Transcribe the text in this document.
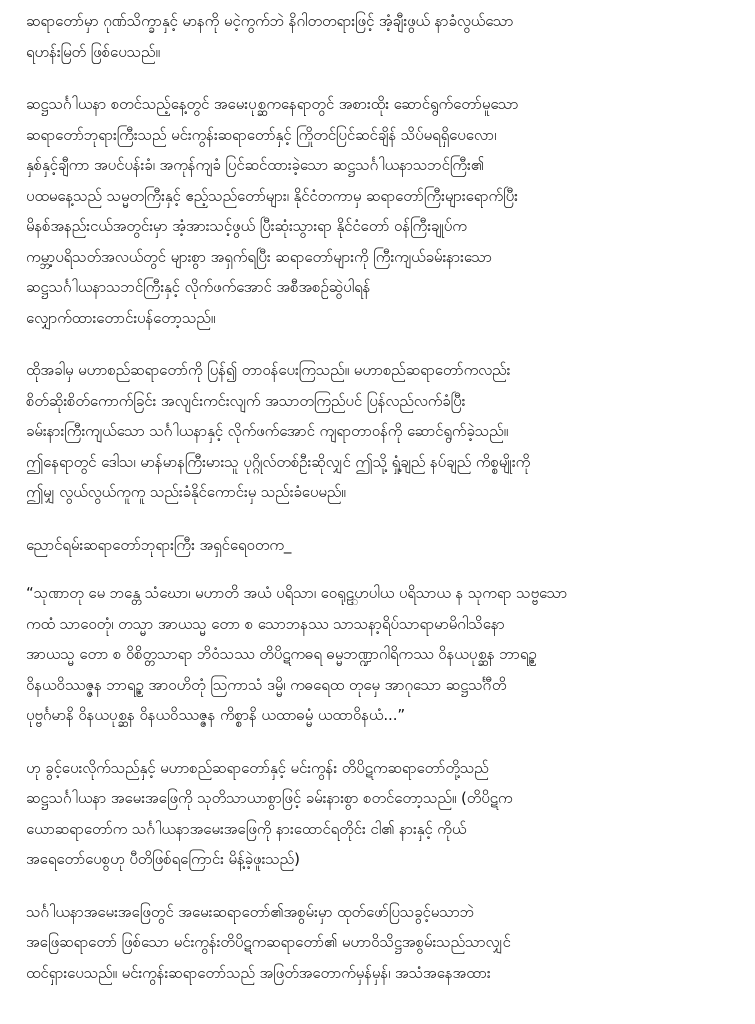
ဆရာတော်မှာ ဂုဏ်သိက္ခာနှင့် မာနကို မငဲ့ကွက်ဘဲ နိဂါတတရားဖြင့် အံ့ချီးဖွယ် နာခံလွယ်သော
ရဟန်းမြတ် ဖြစ်ပေသည်။
ဆဋ္ဌသင်္ဂါယနာ စတင်သည့်နေ့တွင် အမေးပုစ္ဆကနေရာတွင် အစားထိုး ဆောင်ရွက်တော်မူသော
ဆရာတော်ဘုရားကြီးသည် မင်းကွန်းဆရာတော်နှင့် ကြိုတင်ပြင်ဆင်ချိန် သိပ်မရရှိပေလော၊
နှစ်နှင့်ချီကာ အပင်ပန်းခံ၊ အကုန်ကျခံ ပြင်ဆင်ထားခဲ့သော ဆဋ္ဌသင်္ဂါယနာသဘင်ကြီး၏
ပထမနေ့သည် သမ္မတကြီးနှင့် ဧည့်သည်တော်များ၊ နိုင်ငံတကာမှ ဆရာတော်ကြီးများရောက်ပြီး
မိနစ်အနည်းငယ်အတွင်းမှာ အံ့အားသင့်ဖွယ် ပြီးဆုံးသွားရာ နိုင်ငံတော် ဝန်ကြီးချုပ်က
ကမ္ဘာ့ပရိသတ်အလယ်တွင် များစွာ အရှက်ရပြီး ဆရာတော်များကို ကြီးကျယ်ခမ်းနားသော
ဆဋ္ဌသင်္ဂါယနာသဘင်ကြီးနှင့် လိုက်ဖက်အောင် အစီအစဉ်ဆွဲပါရန်
လျှောက်ထားတောင်းပန်တော့သည်။
ထိုအခါမှ မဟာစည်ဆရာတော်ကို ပြန်၍ တာဝန်ပေးကြသည်။ မဟာစည်ဆရာတော်ကလည်း
စိတ်ဆိုးစိတ်ကောက်ခြင်း အလျင်းကင်းလျက် အသာတကြည်ပင် ပြန်လည်လက်ခံပြီး
ခမ်းနားကြီးကျယ်သော သင်္ဂါယနာနှင့် လိုက်ဖက်အောင် ကျရာတာဝန်ကို ဆောင်ရွက်ခဲ့သည်။
ဤနေရာတွင် ဒေါသ၊ မာန်မာနကြီးမားသူ ပုဂ္ဂိုလ်တစ်ဦးဆိုလျှင် ဤသို့ ရှုံ့ချည် နပ်ချည် ကိစ္စမျိုးကို
ဤမျှ လွယ်လွယ်ကူကူ သည်းခံနိုင်ကောင်းမှ သည်းခံပေမည်။
ညောင်ရမ်းဆရာတော်ဘုရားကြီး အရှင်ရေဝတက_
“သုဏာတု မေ ဘန္တေ သံဃော၊ မဟာတိ အယံ ပရိသာ၊ ဝေရုဠ္ဟပါယ ပရိသာယ န သုကရာ သဗ္ဗသော
ကထံ သာဝေတုံ၊ တသ္မာ အာယသ္မ တော စ သောဘနဿ သာသနာ့ရိပ်သာရာမာမိဂါသိနော
အာယသ္မ တော စ ဝိစိတ္တသာရာ ဘိဝံသဿ တိပိဋကဓရ ဓမ္မဘဏ္ဍာဂါရိကဿ ဝိနယပုစ္ဆန ဘာရဥ္စ
ဝိနယဝိဿဇ္ဇန ဘာရဥ္စ အာဝဟိတုံ ဩကာသံ ဒမ္မိ၊ ကဓရေထ တုမှေ အာဂုသော ဆဋ္ဌသင်္ဂီတိ
ပုဗ္ဗင်္ဂမာနိ ဝိနယပုစ္ဆန ဝိနယဝိဿဇ္ဇန ကိစ္စာနိ ယထာဓမ္မံ ယထာဝိနယံ...”
ဟု ခွင့်ပေးလိုက်သည်နှင့် မဟာစည်ဆရာတော်နှင့် မင်းကွန်း တိပိဋကဆရာတော်တို့သည်
ဆဋ္ဌသင်္ဂါယနာ အမေးအဖြေကို သုတိသာယာစွာဖြင့် ခမ်းနားစွာ စတင်တော့သည်။ (တိပိဋက
ယောဆရာတော်က သင်္ဂါယနာအမေးအဖြေကို နားထောင်ရတိုင်း ငါ၏ နားနှင့် ကိုယ်
အရေတော်ပေစွဟု ပီတိဖြစ်ရကြောင်း မိန့်ခဲ့ဖူးသည်)
သင်္ဂါယနာအမေးအဖြေတွင် အမေးဆရာတော်၏အစွမ်းမှာ ထုတ်ဖော်ပြသခွင့်မသာဘဲ
အဖြေဆရာတော် ဖြစ်သော မင်းကွန်းတိပိဋကဆရာတော်၏ မဟာဝိသိဋ္ဌအစွမ်းသည်သာလျှင်
ထင်ရှားပေသည်။ မင်းကွန်းဆရာတော်သည် အဖြတ်အတောက်မှန်မှန်၊ အသံအနေအထား
